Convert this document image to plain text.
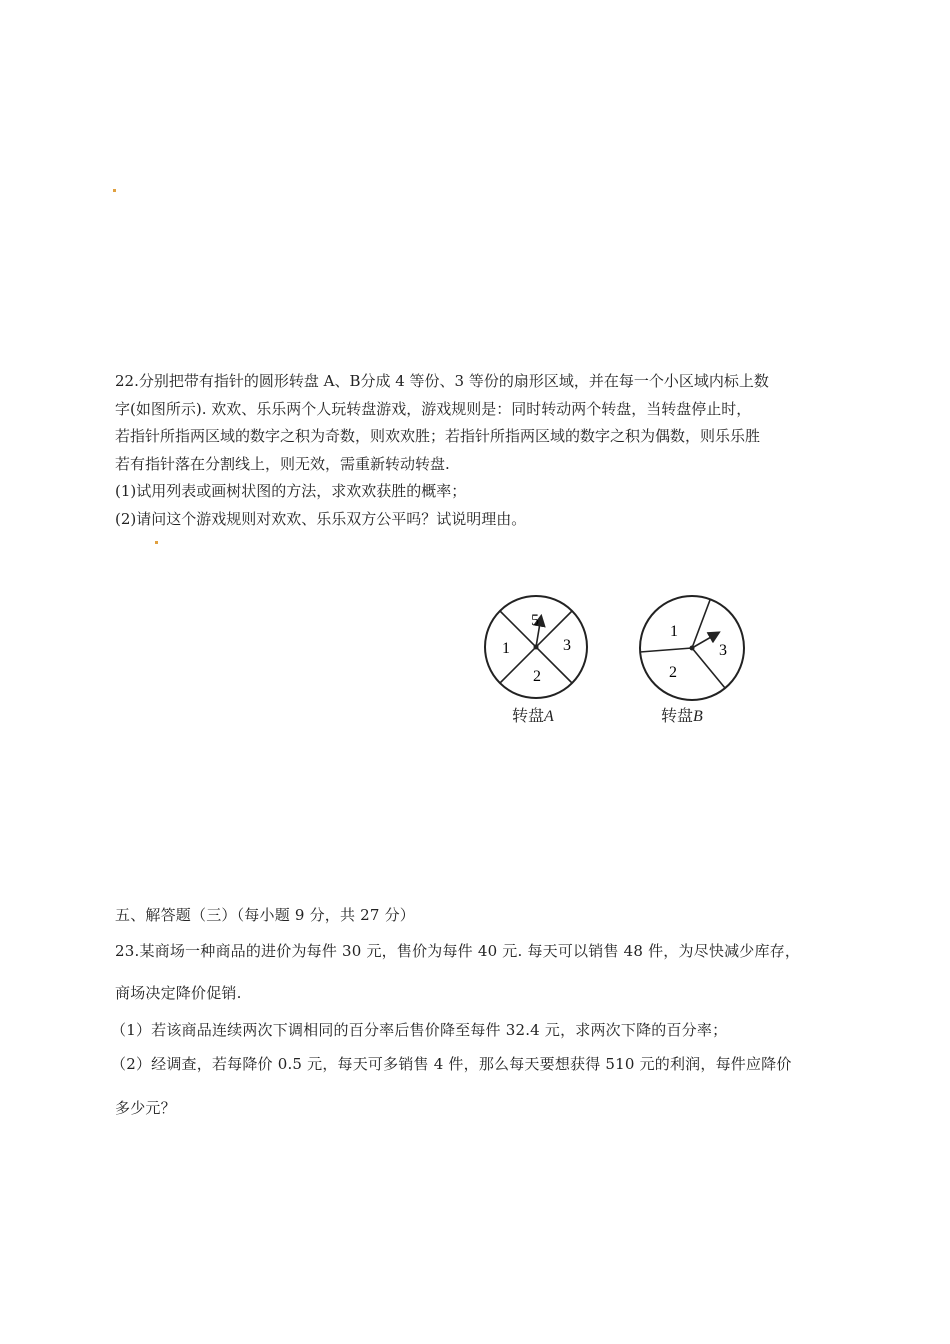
22.分别把带有指针的圆形转盘 A、B分成 4 等份、3 等份的扇形区域，并在每一个小区域内标上数
字(如图所示). 欢欢、乐乐两个人玩转盘游戏，游戏规则是：同时转动两个转盘，当转盘停止时，
若指针所指两区域的数字之积为奇数，则欢欢胜；若指针所指两区域的数字之积为偶数，则乐乐胜
若有指针落在分割线上，则无效，需重新转动转盘.
(1)试用列表或画树状图的方法，求欢欢获胜的概率；
(2)请问这个游戏规则对欢欢、乐乐双方公平吗？试说明理由。
5
1	3
2
1
3
2
转盘A	转盘B
五、解答题（三）（每小题 9 分，共 27 分）
23.某商场一种商品的进价为每件 30 元，售价为每件 40 元. 每天可以销售 48 件，为尽快减少库存，
商场决定降价促销.
（1）若该商品连续两次下调相同的百分率后售价降至每件 32.4 元，求两次下降的百分率；
（2）经调查，若每降价 0.5 元，每天可多销售 4 件，那么每天要想获得 510 元的利润，每件应降价
多少元？
